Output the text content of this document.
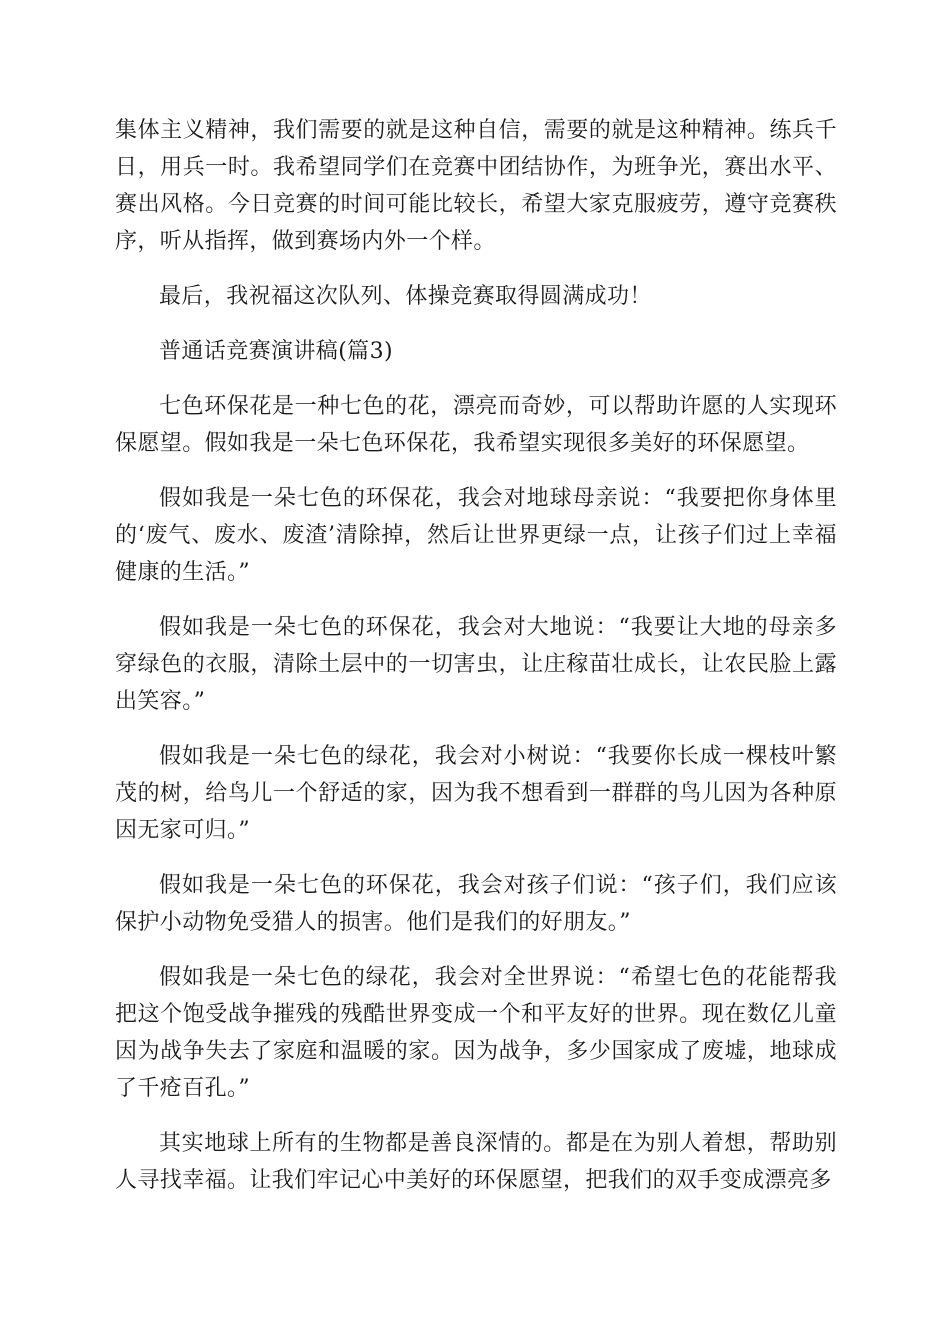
集体主义精神，我们需要的就是这种自信，需要的就是这种精神。练兵千日，用兵一时。我希望同学们在竞赛中团结协作，为班争光，赛出水平、赛出风格。今日竞赛的时间可能比较长，希望大家克服疲劳，遵守竞赛秩序，听从指挥，做到赛场内外一个样。

最后，我祝福这次队列、体操竞赛取得圆满成功！

普通话竞赛演讲稿(篇3)

七色环保花是一种七色的花，漂亮而奇妙，可以帮助许愿的人实现环保愿望。假如我是一朵七色环保花，我希望实现很多美好的环保愿望。

假如我是一朵七色的环保花，我会对地球母亲说：“我要把你身体里的‘废气、废水、废渣’清除掉，然后让世界更绿一点，让孩子们过上幸福健康的生活。”

假如我是一朵七色的环保花，我会对大地说：“我要让大地的母亲多穿绿色的衣服，清除土层中的一切害虫，让庄稼苗壮成长，让农民脸上露出笑容。”

假如我是一朵七色的绿花，我会对小树说：“我要你长成一棵枝叶繁茂的树，给鸟儿一个舒适的家，因为我不想看到一群群的鸟儿因为各种原因无家可归。”

假如我是一朵七色的环保花，我会对孩子们说：“孩子们，我们应该保护小动物免受猎人的损害。他们是我们的好朋友。”

假如我是一朵七色的绿花，我会对全世界说：“希望七色的花能帮我把这个饱受战争摧残的残酷世界变成一个和平友好的世界。现在数亿儿童因为战争失去了家庭和温暖的家。因为战争，多少国家成了废墟，地球成了千疮百孔。”

其实地球上所有的生物都是善良深情的。都是在为别人着想，帮助别人寻找幸福。让我们牢记心中美好的环保愿望，把我们的双手变成漂亮多
